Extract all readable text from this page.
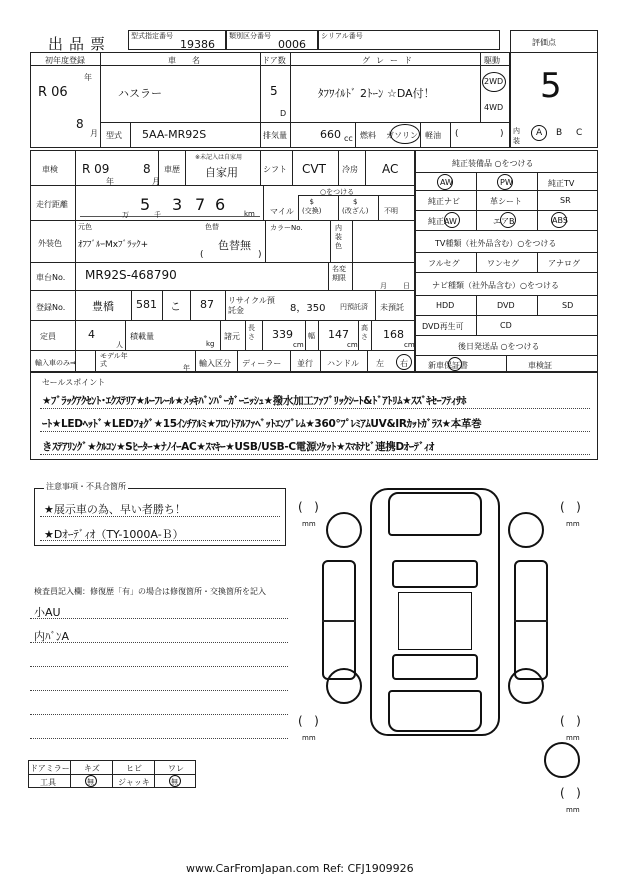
出品票	型式指定番号
19386
類別区分番号
0006
シリアル番号
評価点
5
初年度登録
R 06
年
8
月
車名
ハスラー
ドア数
5
D
グレード
ﾀﾌﾜｲﾙﾄﾞ 2ﾄｰﾝ ☆DA付！
駆動
2WD
4WD
型式 5AA-MR92S	排気量	660 cc 燃料 ガソリン 軽油 (	) 内装
A B C
車検 R 09
年
8
月
車歴
※未記入は自家用
自家用	シフト CVT 冷房 AC
走行距離	5
万	千
3 7 6	km
○をつける
マイル
$
(交換)
$
(改ざん) 不明
外装色
元色
ｵﾌﾌﾞﾙｰMxﾌﾞﾗｯｸ+
色替
色替無
(	)
カラーNo.	内装色
車台No. MR92S-468790	名変期限
月 日
登録No. 豊橋 581 こ 87 リサイクル預託金	8，350 円預託済 未預託
定員	4
人
積載量
kg
諸元
長さ 339
cm
幅 147
cm
高さ 168
cm
輸入車のみ⇒
モデル年式	年 輸入区分 ディーラー 並行 ハンドル 左 右
純正装備品 ○をつける
AW	PW	純正TV
純正ナビ	革シート	SR
純正AW	エアB	ABS
TV種類（社外品含む）○をつける
フルセグ	ワンセグ	アナログ
ナビ種類（社外品含む）○をつける
HDD	DVD	SD
DVD再生可	CD
後日発送品 ○をつける
新車保証書	車検証
セールスポイント
★ﾌﾞﾗｯｸｱｸｾﾝﾄ･ｴｸｽﾃﾘｱ★ﾙｰﾌﾚｰﾙ★ﾒｯｷﾊﾞﾝﾊﾟｰｶﾞｰﾆｯｼｭ★撥水加工ﾌｧﾌﾞﾘｯｸｼｰﾄ&ﾄﾞｱﾄﾘﾑ★ｽｽﾞｷｾｰﾌﾃｨｻﾎ
ｰﾄ★LEDﾍｯﾄﾞ★LEDﾌｫｸﾞ★15ｲﾝﾁｱﾙﾐ★ﾌﾛﾝﾄｱﾙﾌｧﾍﾞｯﾄｴﾝﾌﾞﾚﾑ★360°ﾌﾟﾚﾐｱﾑUV&IRｶｯﾄｶﾞﾗｽ★本革巻
きｽﾃｱﾘﾝｸﾞ★ｸﾙｺﾝ★Sﾋｰﾀｰ★ﾅﾉｲｰAC★ｽﾏｷｰ★USB/USB-C電源ｿｹｯﾄ★ｽﾏﾎﾅﾋﾞ連携Dｵｰﾃﾞｨｵ
注意事項・不具合箇所
★展示車の為、早い者勝ち！
★Dｵｰﾃﾞｨｵ（TY-1000A-Ｂ）
検査員記入欄：修復歴「有」の場合は修復箇所・交換箇所を記入
小AU
内ﾊﾞﾝA
ドアミラー キズ	ヒビ	ワレ
工具	無	ジャッキ	無
(   )
mm
(   )
mm
(   )
mm
(   )
mm
(   )
mm
www.CarFromJapan.com Ref: CFJ1909926
